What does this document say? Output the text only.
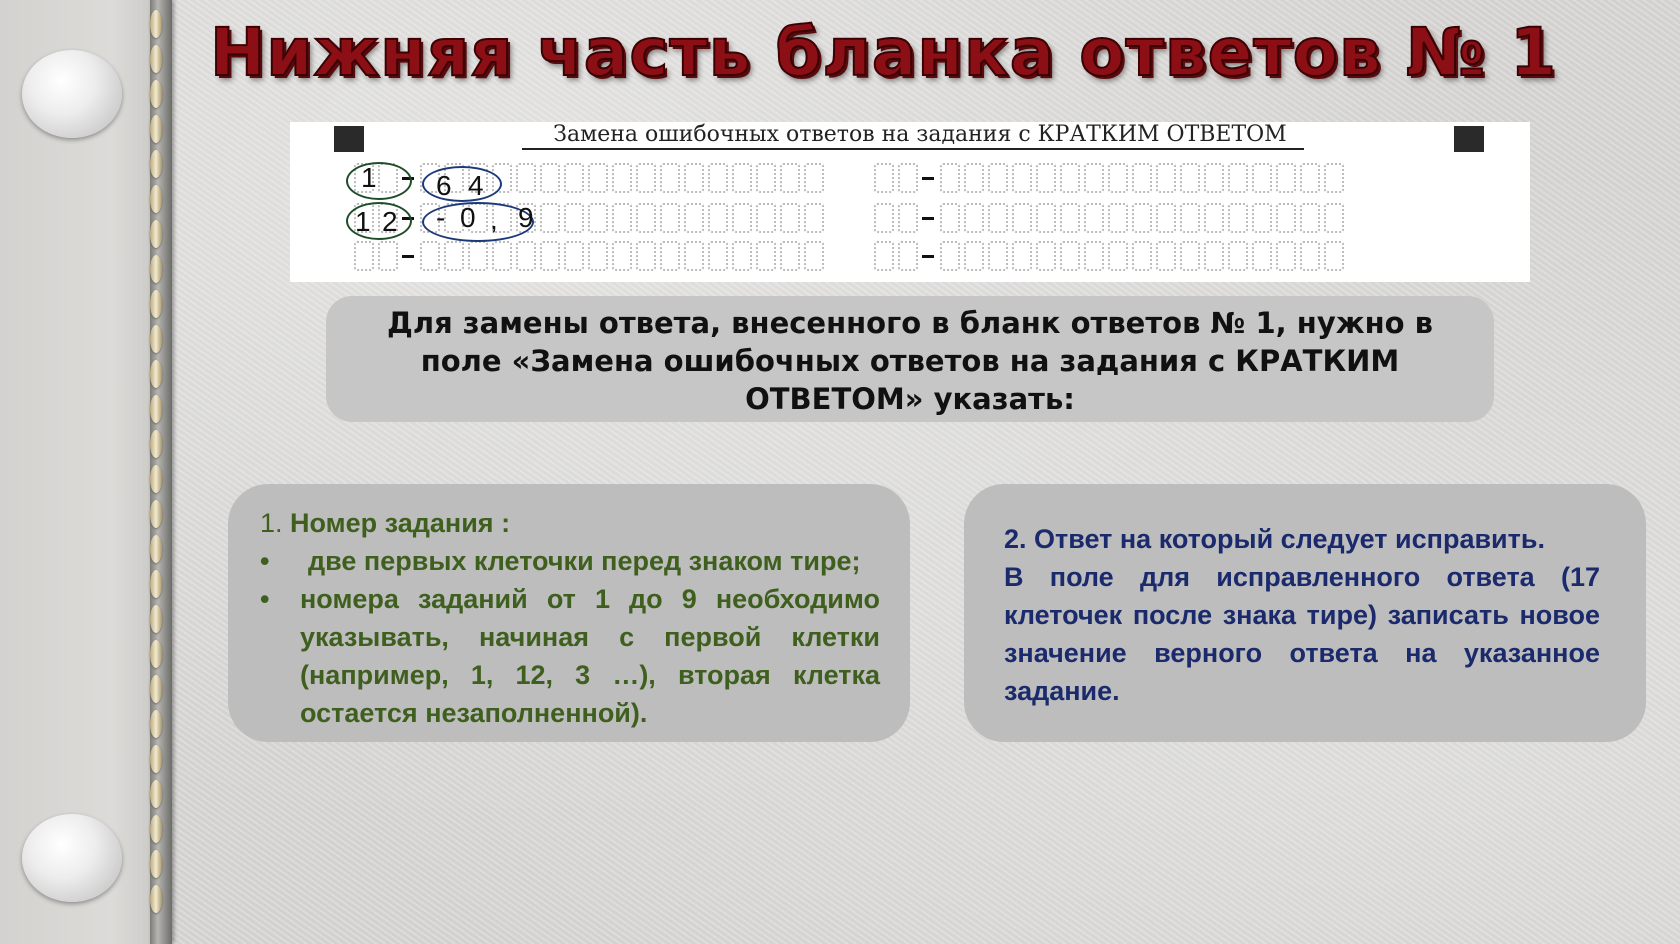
Нижняя часть бланка ответов № 1
Замена ошибочных ответов на задания с КРАТКИМ ОТВЕТОМ
1 6 4
1 2 - 0 , 9
Для замены ответа, внесенного в бланк ответов № 1, нужно в поле «Замена ошибочных ответов на задания с КРАТКИМ ОТВЕТОМ» указать:

1. Номер задания :

• две первых клеточки перед знаком тире;
• номера заданий от 1 до 9 необходимо указывать, начиная с первой клетки (например, 1, 12, 3 …), вторая клетка остается незаполненной).

2. Ответ на который следует исправить.

В поле для исправленного ответа (17 клеточек после знака тире) записать новое значение верного ответа на указанное задание.
